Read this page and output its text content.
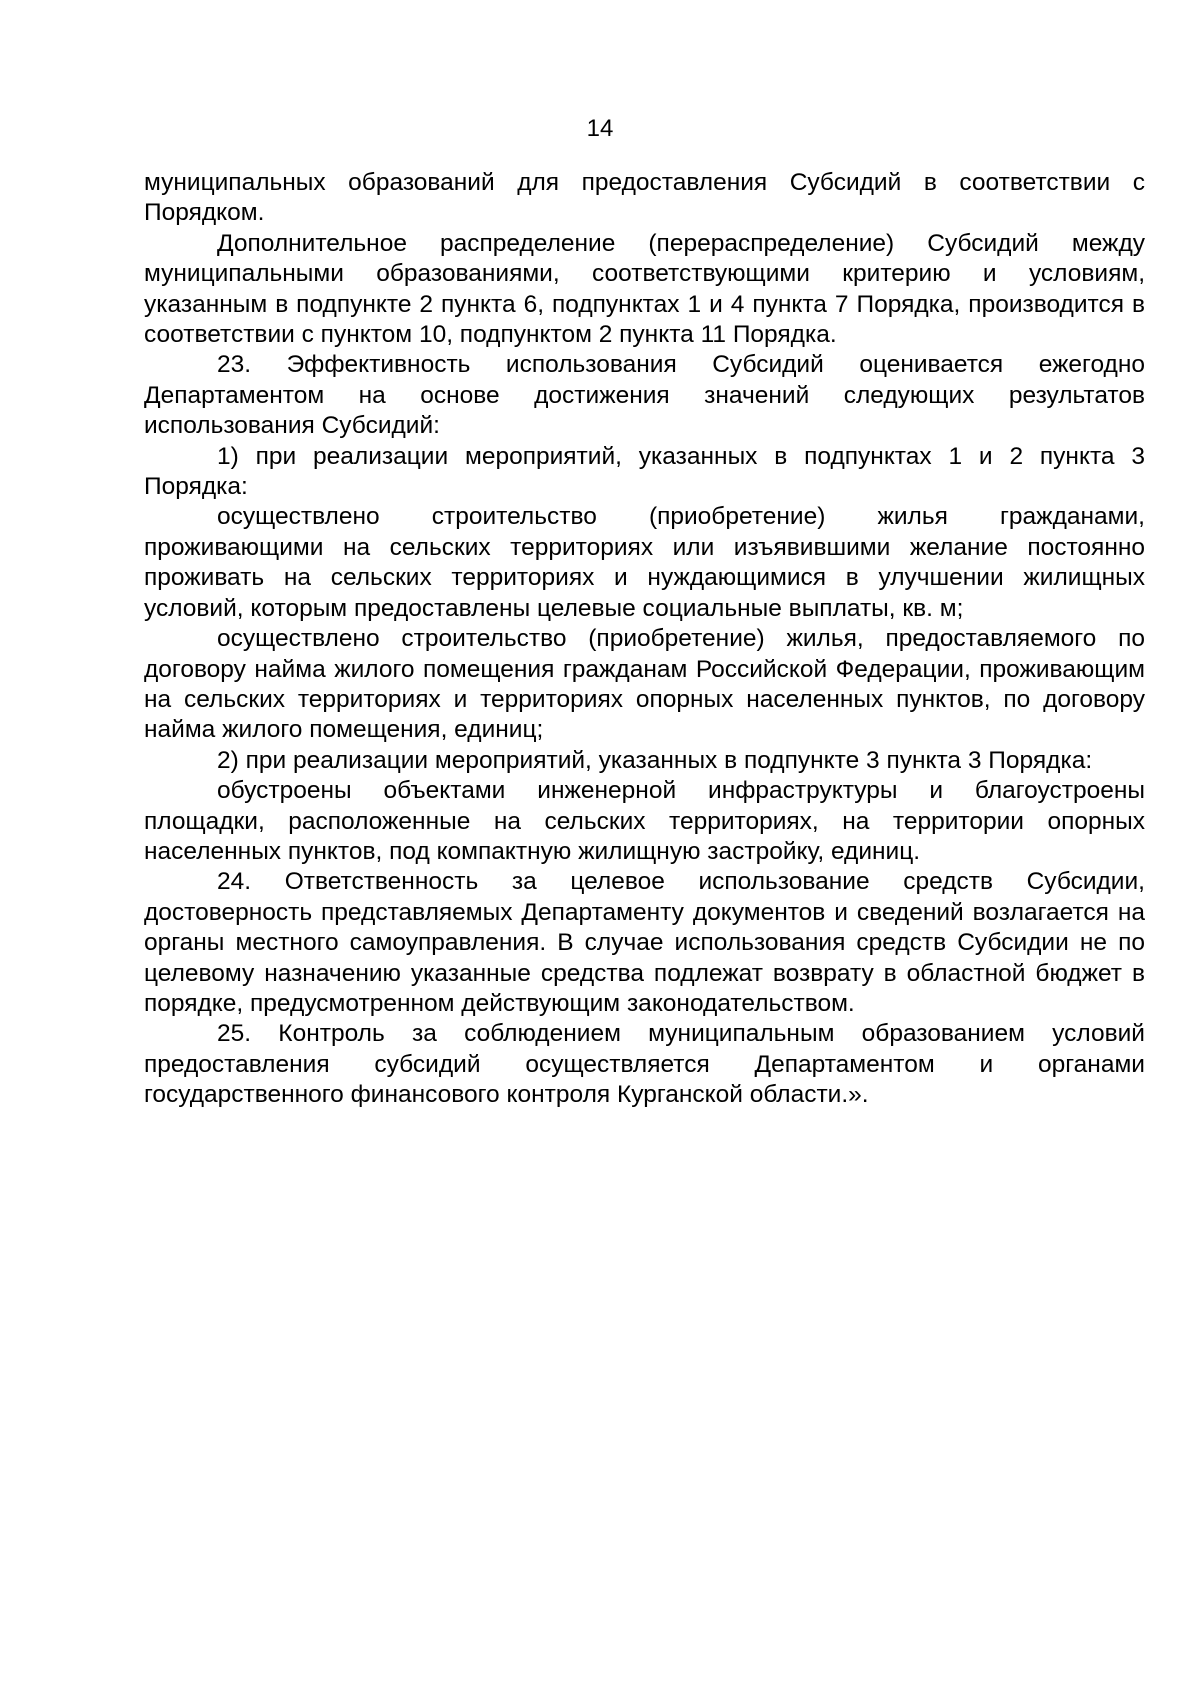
14

муниципальных образований для предоставления Субсидий в соответствии с Порядком.

Дополнительное распределение (перераспределение) Субсидий между муниципальными образованиями, соответствующими критерию и условиям, указанным в подпункте 2 пункта 6, подпунктах 1 и 4 пункта 7 Порядка, производится в соответствии с пунктом 10, подпунктом 2 пункта 11 Порядка.

23. Эффективность использования Субсидий оценивается ежегодно Департаментом на основе достижения значений следующих результатов использования Субсидий:

1) при реализации мероприятий, указанных в подпунктах 1 и 2 пункта 3 Порядка:

осуществлено строительство (приобретение) жилья гражданами, проживающими на сельских территориях или изъявившими желание постоянно проживать на сельских территориях и нуждающимися в улучшении жилищных условий, которым предоставлены целевые социальные выплаты, кв. м;

осуществлено строительство (приобретение) жилья, предоставляемого по договору найма жилого помещения гражданам Российской Федерации, проживающим на сельских территориях и территориях опорных населенных пунктов, по договору найма жилого помещения, единиц;

2) при реализации мероприятий, указанных в подпункте 3 пункта 3 Порядка:

обустроены объектами инженерной инфраструктуры и благоустроены площадки, расположенные на сельских территориях, на территории опорных населенных пунктов, под компактную жилищную застройку, единиц.

24. Ответственность за целевое использование средств Субсидии, достоверность представляемых Департаменту документов и сведений возлагается на органы местного самоуправления. В случае использования средств Субсидии не по целевому назначению указанные средства подлежат возврату в областной бюджет в порядке, предусмотренном действующим законодательством.

25. Контроль за соблюдением муниципальным образованием условий предоставления субсидий осуществляется Департаментом и органами государственного финансового контроля Курганской области.».
